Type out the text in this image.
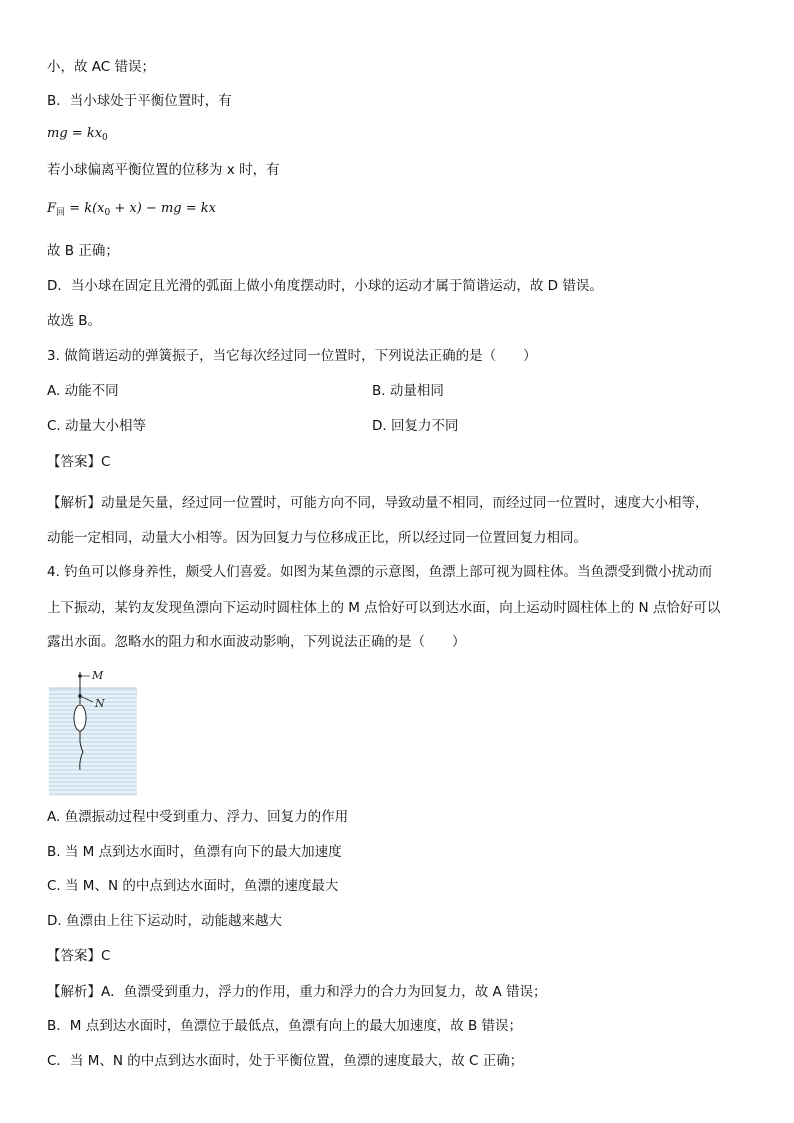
小，故 AC 错误；
B．当小球处于平衡位置时，有
mg = $kx_0$
若小球偏离平衡位置的位移为 x 时，有
$F_回 = k(x_0 + x)$ − mg = kx
故 B 正确；
D．当小球在固定且光滑的弧面上做小角度摆动时，小球的运动才属于简谐运动，故 D 错误。
故选 B。
3. 做简谐运动的弹簧振子，当它每次经过同一位置时，下列说法正确的是（　　）
A. 动能不同	B. 动量相同
C. 动量大小相等	D. 回复力不同
【答案】C
【解析】动量是矢量，经过同一位置时，可能方向不同，导致动量不相同，而经过同一位置时，速度大小相等，
动能一定相同，动量大小相等。因为回复力与位移成正比，所以经过同一位置回复力相同。
4. 钓鱼可以修身养性，颇受人们喜爱。如图为某鱼漂的示意图，鱼漂上部可视为圆柱体。当鱼漂受到微小扰动而
上下振动，某钓友发现鱼漂向下运动时圆柱体上的 M 点恰好可以到达水面，向上运动时圆柱体上的 N 点恰好可以
露出水面。忽略水的阻力和水面波动影响，下列说法正确的是（　　）
M
N
A. 鱼漂振动过程中受到重力、浮力、回复力的作用
B. 当 M 点到达水面时，鱼漂有向下的最大加速度
C. 当 M、N 的中点到达水面时，鱼漂的速度最大
D. 鱼漂由上往下运动时，动能越来越大
【答案】C
【解析】A．鱼漂受到重力，浮力的作用，重力和浮力的合力为回复力，故 A 错误；
B．M 点到达水面时，鱼漂位于最低点，鱼漂有向上的最大加速度，故 B 错误；
C．当 M、N 的中点到达水面时，处于平衡位置，鱼漂的速度最大，故 C 正确；
